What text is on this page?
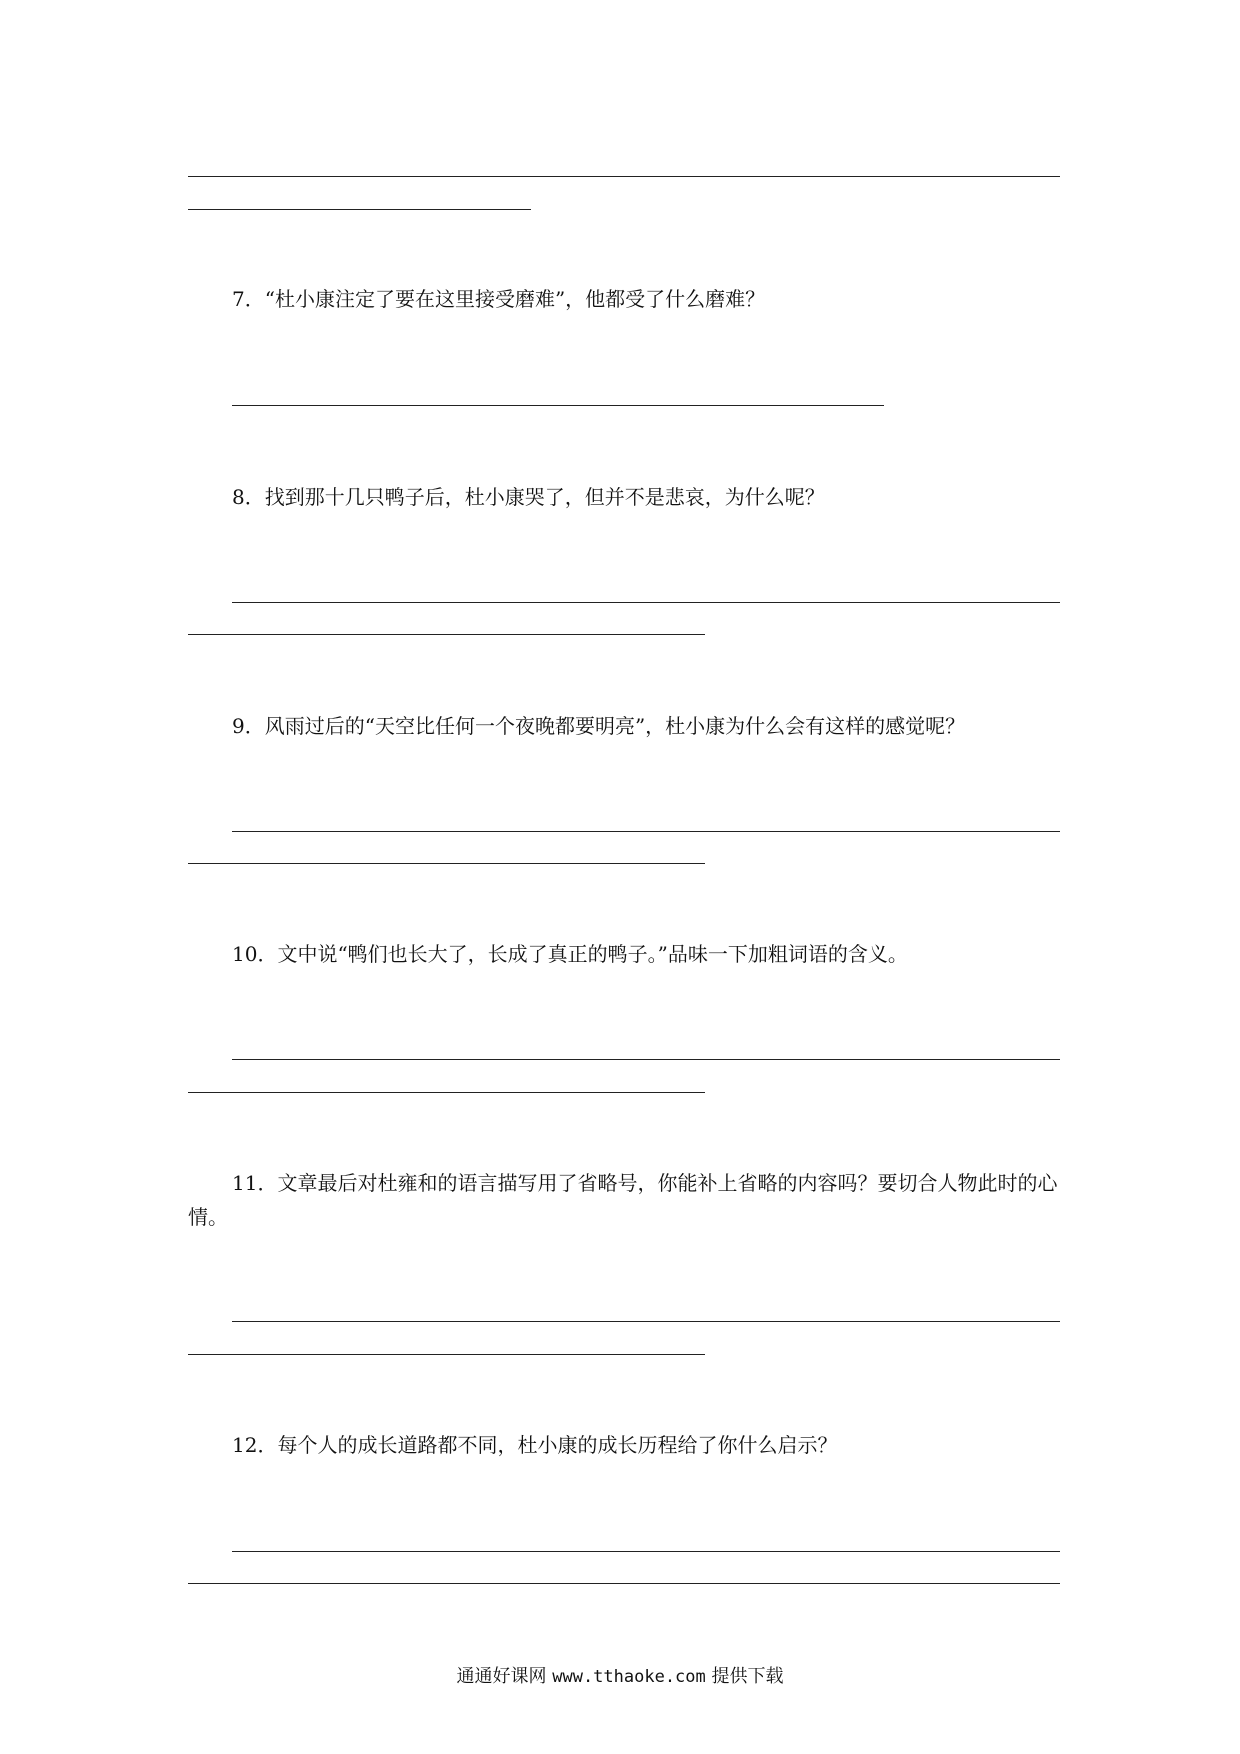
7．“杜小康注定了要在这里接受磨难”，他都受了什么磨难？
8．找到那十几只鸭子后，杜小康哭了，但并不是悲哀，为什么呢？
9．风雨过后的“天空比任何一个夜晚都要明亮”，杜小康为什么会有这样的感觉呢？
10．文中说“鸭们也长大了，长成了真正的鸭子。”品味一下加粗词语的含义。
11．文章最后对杜雍和的语言描写用了省略号，你能补上省略的内容吗？要切合人物此时的心情。
12．每个人的成长道路都不同，杜小康的成长历程给了你什么启示？
通通好课网 www.tthaoke.com 提供下载
